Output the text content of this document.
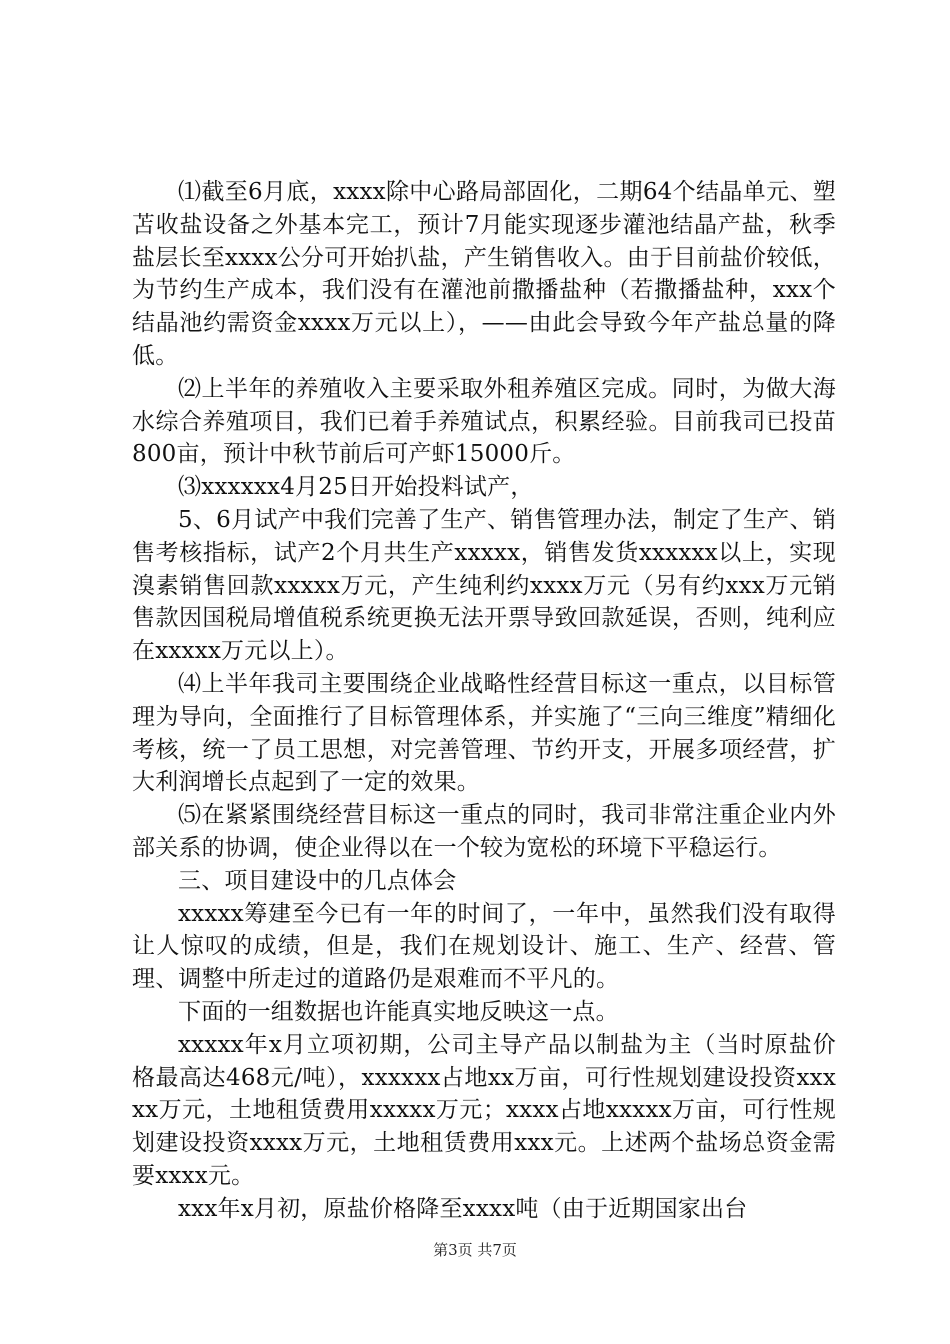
⑴截至6月底，xxxx除中心路局部固化，二期64个结晶单元、塑苫收盐设备之外基本完工，预计7月能实现逐步灌池结晶产盐，秋季盐层长至xxxx公分可开始扒盐，产生销售收入。由于目前盐价较低，为节约生产成本，我们没有在灌池前撒播盐种（若撒播盐种，xxx个结晶池约需资金xxxx万元以上），——由此会导致今年产盐总量的降低。

⑵上半年的养殖收入主要采取外租养殖区完成。同时，为做大海水综合养殖项目，我们已着手养殖试点，积累经验。目前我司已投苗800亩，预计中秋节前后可产虾15000斤。

⑶xxxxxx4月25日开始投料试产，

5、6月试产中我们完善了生产、销售管理办法，制定了生产、销售考核指标，试产2个月共生产xxxxx，销售发货xxxxxx以上，实现溴素销售回款xxxxx万元，产生纯利约xxxx万元（另有约xxx万元销售款因国税局增值税系统更换无法开票导致回款延误，否则，纯利应在xxxxx万元以上）。

⑷上半年我司主要围绕企业战略性经营目标这一重点，以目标管理为导向，全面推行了目标管理体系，并实施了“三向三维度”精细化考核，统一了员工思想，对完善管理、节约开支，开展多项经营，扩大利润增长点起到了一定的效果。

⑸在紧紧围绕经营目标这一重点的同时，我司非常注重企业内外部关系的协调，使企业得以在一个较为宽松的环境下平稳运行。

三、项目建设中的几点体会

xxxxx筹建至今已有一年的时间了，一年中，虽然我们没有取得让人惊叹的成绩，但是，我们在规划设计、施工、生产、经营、管理、调整中所走过的道路仍是艰难而不平凡的。

下面的一组数据也许能真实地反映这一点。

xxxxx年x月立项初期，公司主导产品以制盐为主（当时原盐价格最高达468元/吨），xxxxxx占地xx万亩，可行性规划建设投资xxxxx万元，土地租赁费用xxxxx万元；xxxx占地xxxxx万亩，可行性规划建设投资xxxx万元，土地租赁费用xxx元。上述两个盐场总资金需要xxxx元。

xxx年x月初，原盐价格降至xxxx吨（由于近期国家出台

第3页 共7页
